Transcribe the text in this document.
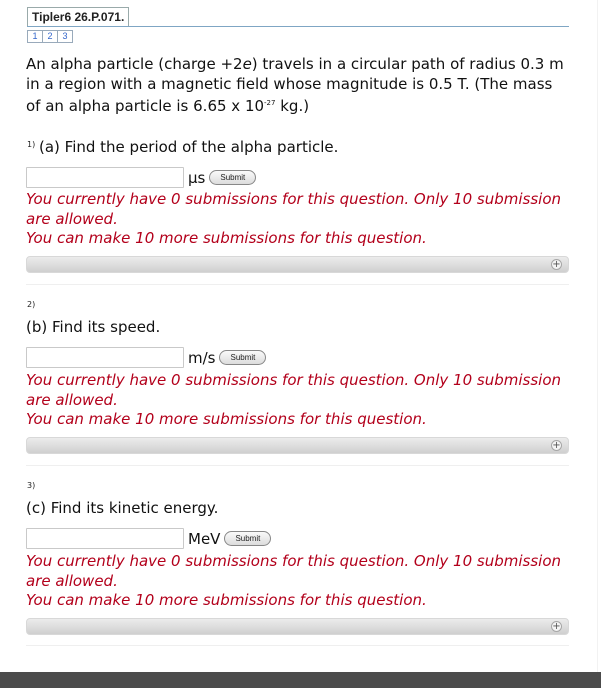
Tipler6 26.P.071.
1	2	3
An alpha particle (charge +2e) travels in a circular path of radius 0.3 m
in a region with a magnetic field whose magnitude is 0.5 T. (The mass
of an alpha particle is 6.65 x $10^{-27}$ kg.)
1) (a) Find the period of the alpha particle.
μs	Submit
You currently have 0 submissions for this question. Only 10 submission
are allowed.
You can make 10 more submissions for this question.
+
2)
(b) Find its speed.
m/s	Submit
You currently have 0 submissions for this question. Only 10 submission
are allowed.
You can make 10 more submissions for this question.
+
3)
(c) Find its kinetic energy.
MeV	Submit
You currently have 0 submissions for this question. Only 10 submission
are allowed.
You can make 10 more submissions for this question.
+
